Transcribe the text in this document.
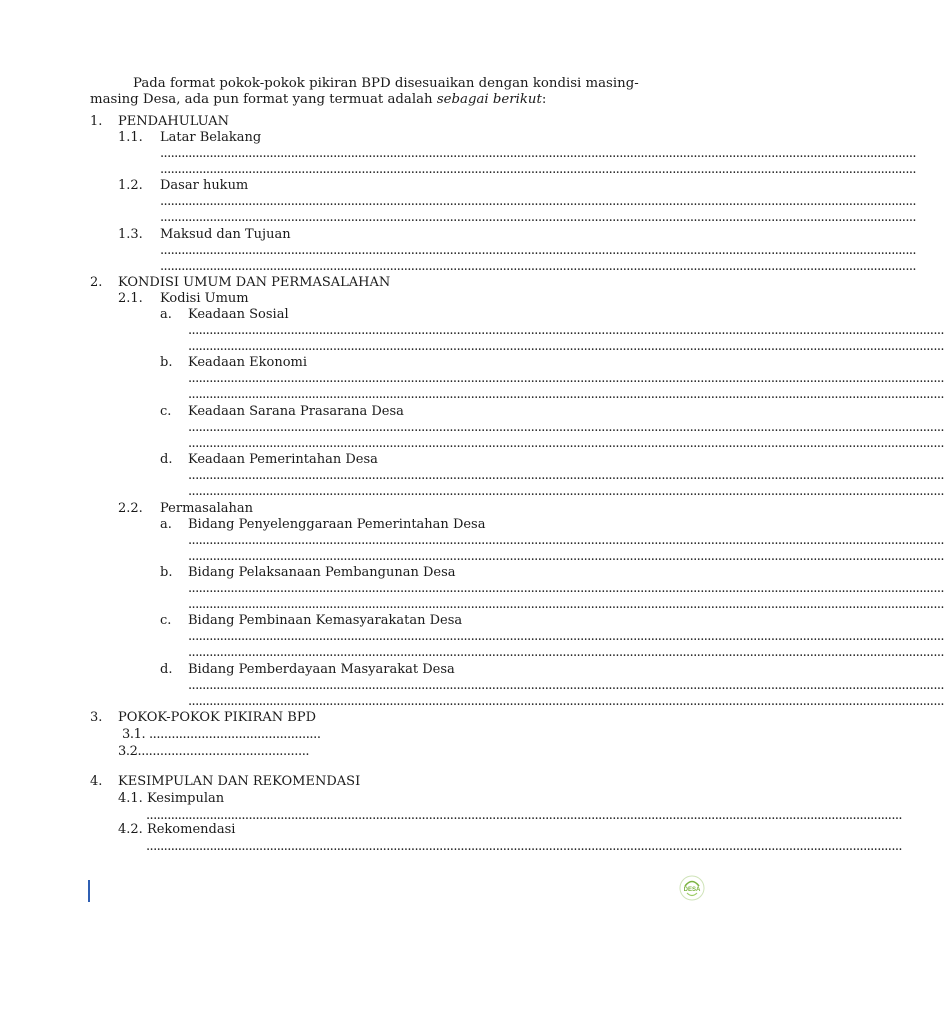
Pada format pokok-pokok pikiran BPD disesuaikan dengan kondisi masing-
masing Desa, ada pun format yang termuat adalah sebagai berikut:
1. PENDAHULUAN
1.1. Latar Belakang
......................................................................................................................................................................................................................
......................................................................................................................................................................................................................
1.2. Dasar hukum
......................................................................................................................................................................................................................
......................................................................................................................................................................................................................
1.3. Maksud dan Tujuan
......................................................................................................................................................................................................................
......................................................................................................................................................................................................................
2. KONDISI UMUM DAN PERMASALAHAN
2.1. Kodisi Umum
a. Keadaan Sosial
......................................................................................................................................................................................................................
......................................................................................................................................................................................................................
b. Keadaan Ekonomi
......................................................................................................................................................................................................................
......................................................................................................................................................................................................................
c. Keadaan Sarana Prasarana Desa
......................................................................................................................................................................................................................
......................................................................................................................................................................................................................
d. Keadaan Pemerintahan Desa
......................................................................................................................................................................................................................
......................................................................................................................................................................................................................
2.2. Permasalahan
a. Bidang Penyelenggaraan Pemerintahan Desa
......................................................................................................................................................................................................................
......................................................................................................................................................................................................................
b. Bidang Pelaksanaan Pembangunan Desa
......................................................................................................................................................................................................................
......................................................................................................................................................................................................................
c. Bidang Pembinaan Kemasyarakatan Desa
......................................................................................................................................................................................................................
......................................................................................................................................................................................................................
d. Bidang Pemberdayaan Masyarakat Desa
......................................................................................................................................................................................................................
......................................................................................................................................................................................................................
3. POKOK-POKOK PIKIRAN BPD
3.1. ..............................................
3.2..............................................
4. KESIMPULAN DAN REKOMENDASI
4.1. Kesimpulan
......................................................................................................................................................................................................................
4.2. Rekomendasi
......................................................................................................................................................................................................................
DESA
